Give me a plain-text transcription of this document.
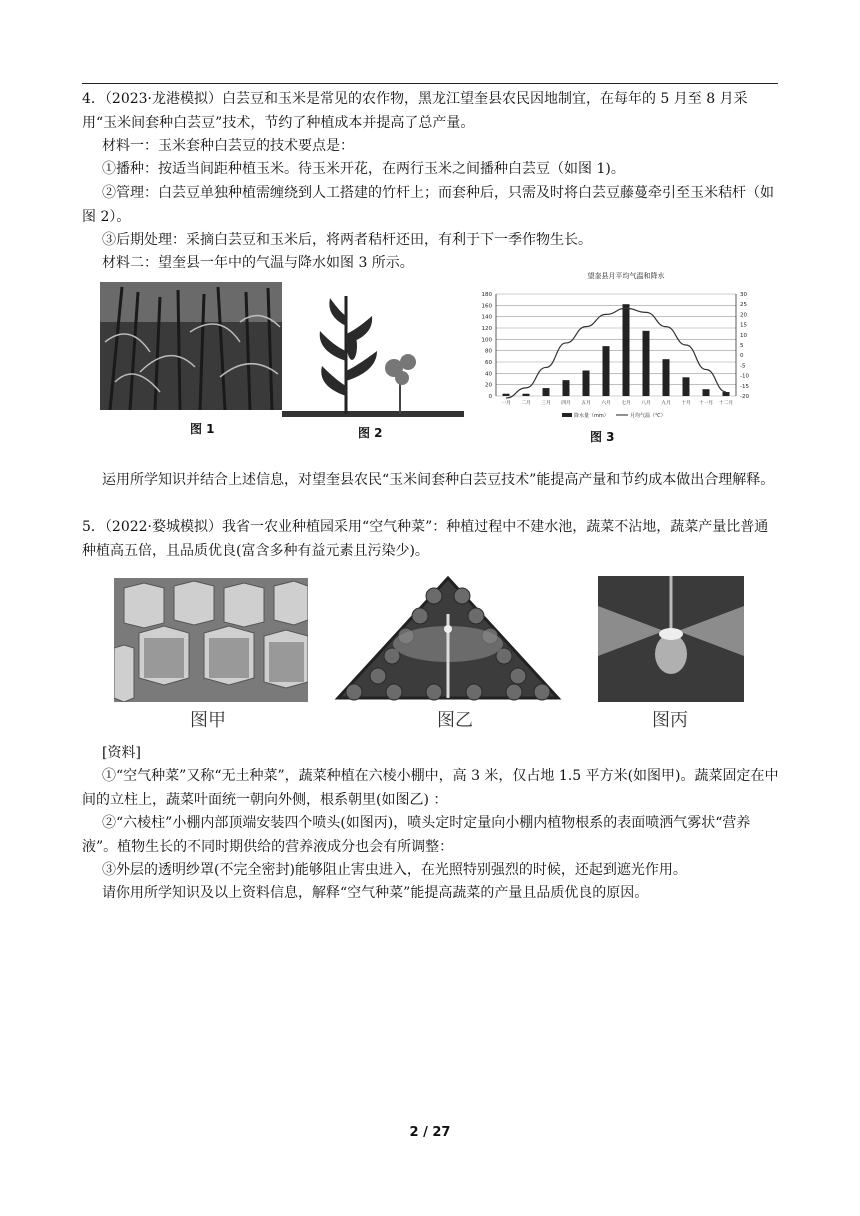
4．（2023·龙港模拟）白芸豆和玉米是常见的农作物，黑龙江望奎县农民因地制宜，在每年的 5 月至 8 月采用“玉米间套种白芸豆”技术，节约了种植成本并提高了总产量。

材料一：玉米套种白芸豆的技术要点是：

①播种：按适当间距种植玉米。待玉米开花，在两行玉米之间播种白芸豆（如图 1)。

②管理：白芸豆单独种植需缠绕到人工搭建的竹杆上；而套种后，只需及时将白芸豆藤蔓牵引至玉米秸杆（如图 2）。

③后期处理：采摘白芸豆和玉米后，将两者秸杆还田，有利于下一季作物生长。

材料二：望奎县一年中的气温与降水如图 3 所示。

图 1	图 2
望奎县月平均气温和降水
0
20
40
60
80
100
120
140
160
180
-20
-15
-10
-5
0
5
10
15
20
25
30
一月 二月 三月 四月 五月 六月 七月 八月 九月 十月 十一月 十二月
降水量（mm）	月均气温（℃）
图 3

运用所学知识并结合上述信息，对望奎县农民“玉米间套种白芸豆技术”能提高产量和节约成本做出合理解释。

5．（2022·婺城模拟）我省一农业种植园采用“空气种菜”：种植过程中不建水池，蔬菜不沾地，蔬菜产量比普通种植高五倍，且品质优良(富含多种有益元素且污染少)。

图甲	图乙	图丙

[资料]

①“空气种菜”又称“无土种菜”，蔬菜种植在六棱小棚中，高 3 米，仅占地 1.5 平方米(如图甲)。蔬菜固定在中间的立柱上，蔬菜叶面统一朝向外侧，根系朝里(如图乙) ：

②“六棱柱”小棚内部顶端安装四个喷头(如图丙)，喷头定时定量向小棚内植物根系的表面喷洒气雾状“营养液”。植物生长的不同时期供给的营养液成分也会有所调整：

③外层的透明纱罩(不完全密封)能够阻止害虫进入，在光照特别强烈的时候，还起到遮光作用。

请你用所学知识及以上资料信息，解释“空气种菜”能提高蔬菜的产量且品质优良的原因。

2 / 27
